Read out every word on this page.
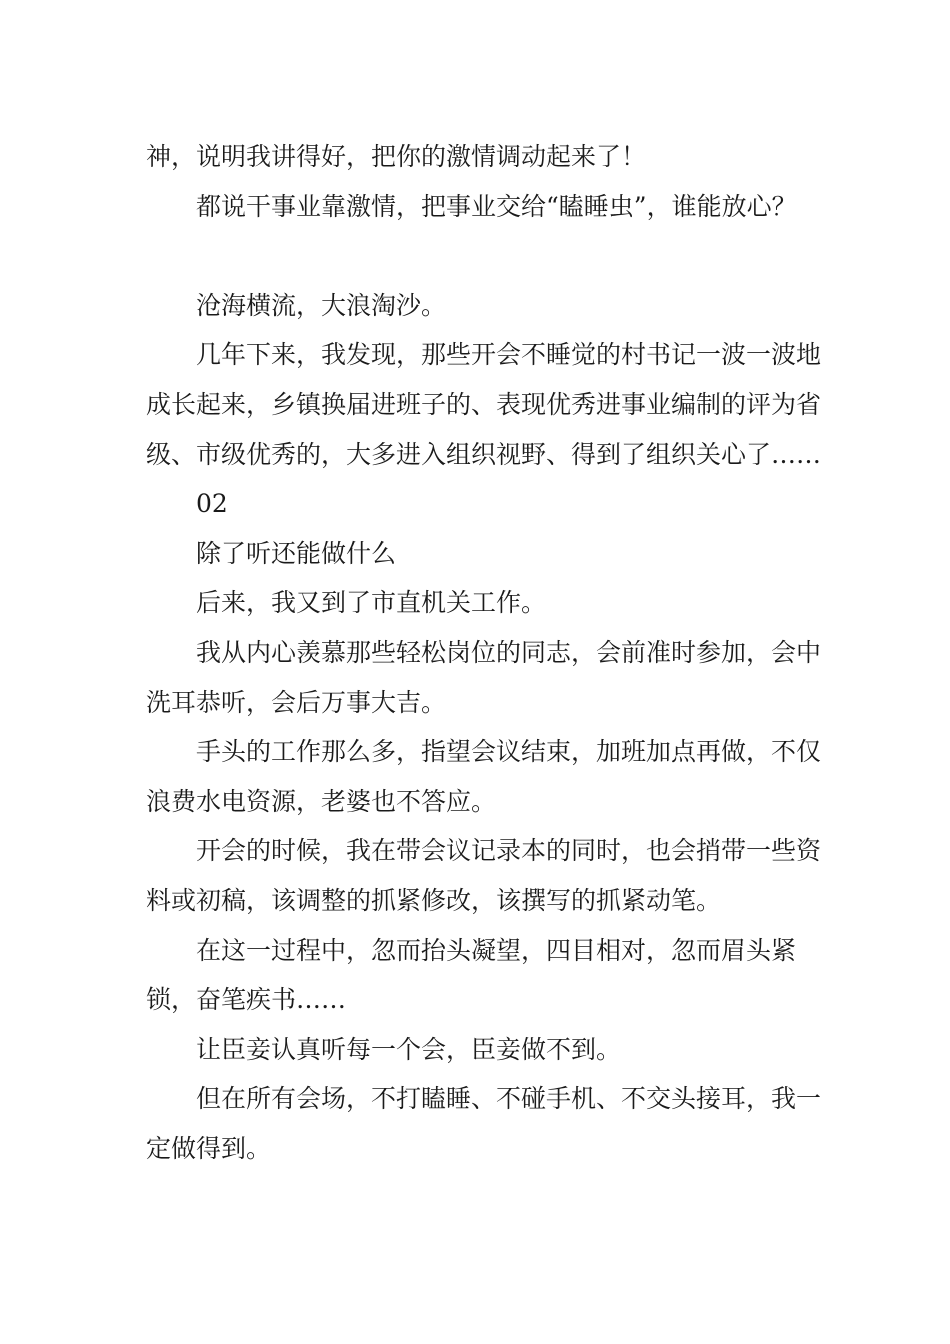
神，说明我讲得好，把你的激情调动起来了！

都说干事业靠激情，把事业交给“瞌睡虫”，谁能放心？

沧海横流，大浪淘沙。

几年下来，我发现，那些开会不睡觉的村书记一波一波地成长起来，乡镇换届进班子的、表现优秀进事业编制的评为省级、市级优秀的，大多进入组织视野、得到了组织关心了……

02

除了听还能做什么

后来，我又到了市直机关工作。

我从内心羡慕那些轻松岗位的同志，会前准时参加，会中洗耳恭听，会后万事大吉。

手头的工作那么多，指望会议结束，加班加点再做，不仅浪费水电资源，老婆也不答应。

开会的时候，我在带会议记录本的同时，也会捎带一些资料或初稿，该调整的抓紧修改，该撰写的抓紧动笔。

在这一过程中，忽而抬头凝望，四目相对，忽而眉头紧锁，奋笔疾书……

让臣妾认真听每一个会，臣妾做不到。

但在所有会场，不打瞌睡、不碰手机、不交头接耳，我一定做得到。
